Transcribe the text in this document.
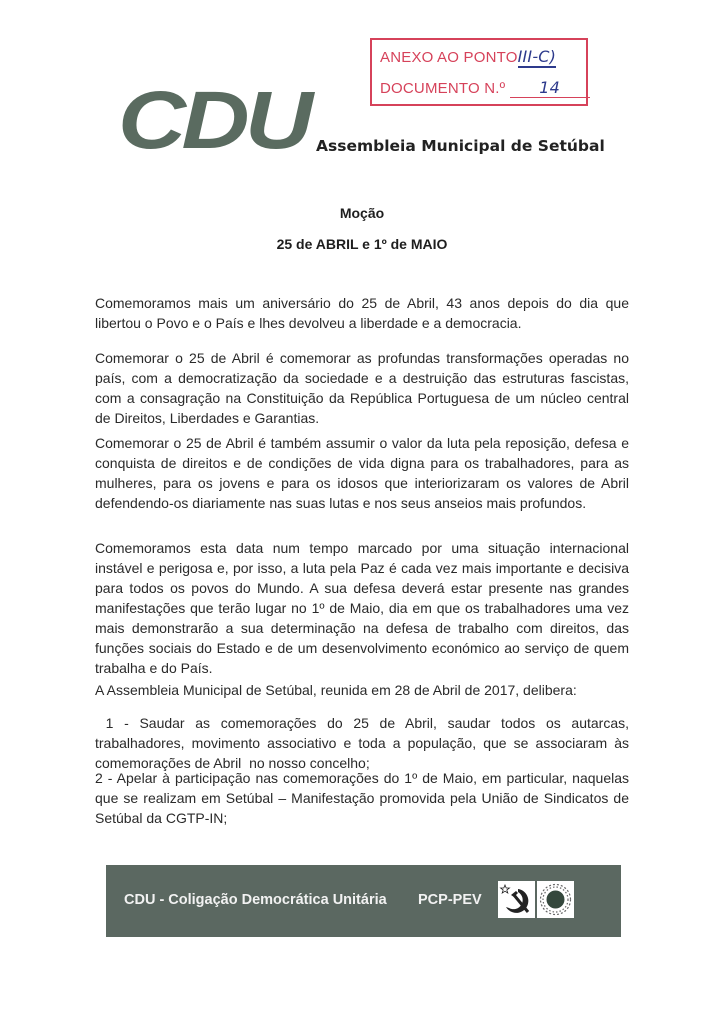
ANEXO AO PONTOIII-C)
DOCUMENTO N.º 14
CDU Assembleia Municipal de Setúbal
Moção
25 de ABRIL e 1º de MAIO
Comemoramos mais um aniversário do 25 de Abril, 43 anos depois do dia que libertou o Povo e o País e lhes devolveu a liberdade e a democracia.
Comemorar o 25 de Abril é comemorar as profundas transformações operadas no país, com a democratização da sociedade e a destruição das estruturas fascistas, com a consagração na Constituição da República Portuguesa de um núcleo central de Direitos, Liberdades e Garantias.
Comemorar o 25 de Abril é também assumir o valor da luta pela reposição, defesa e conquista de direitos e de condições de vida digna para os trabalhadores, para as mulheres, para os jovens e para os idosos que interiorizaram os valores de Abril defendendo-os diariamente nas suas lutas e nos seus anseios mais profundos.
Comemoramos esta data num tempo marcado por uma situação internacional instável e perigosa e, por isso, a luta pela Paz é cada vez mais importante e decisiva para todos os povos do Mundo. A sua defesa deverá estar presente nas grandes manifestações que terão lugar no 1º de Maio, dia em que os trabalhadores uma vez mais demonstrarão a sua determinação na defesa de trabalho com direitos, das funções sociais do Estado e de um desenvolvimento económico ao serviço de quem trabalha e do País.
A Assembleia Municipal de Setúbal, reunida em 28 de Abril de 2017, delibera:
1 - Saudar as comemorações do 25 de Abril, saudar todos os autarcas, trabalhadores, movimento associativo e toda a população, que se associaram às comemorações de Abril  no nosso concelho;
2 - Apelar à participação nas comemorações do 1º de Maio, em particular, naquelas que se realizam em Setúbal – Manifestação promovida pela União de Sindicatos de Setúbal da CGTP-IN;
CDU - Coligação Democrática Unitária PCP-PEV
